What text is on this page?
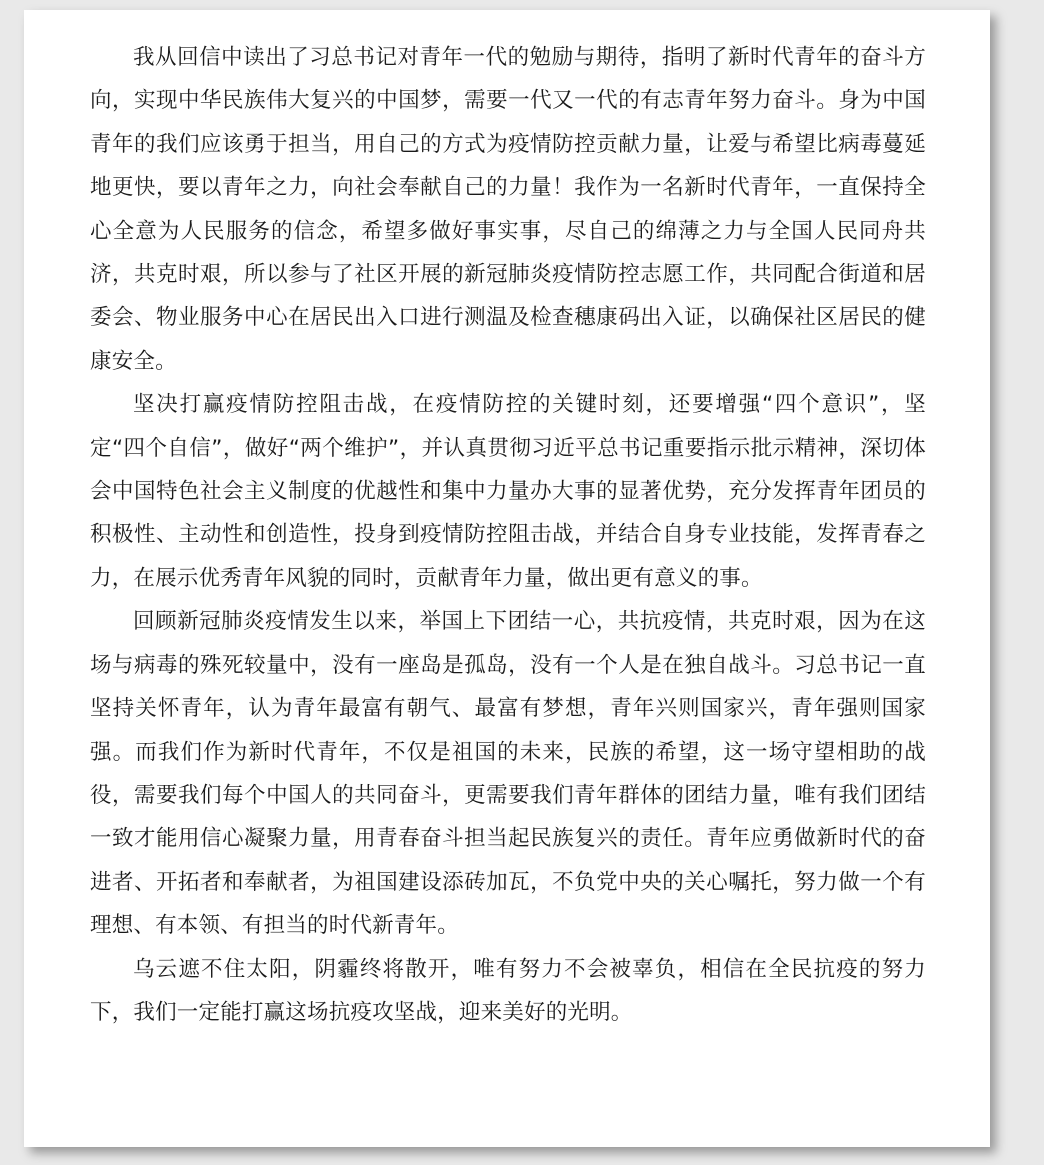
我从回信中读出了习总书记对青年一代的勉励与期待，指明了新时代青年的奋斗方向，实现中华民族伟大复兴的中国梦，需要一代又一代的有志青年努力奋斗。身为中国青年的我们应该勇于担当，用自己的方式为疫情防控贡献力量，让爱与希望比病毒蔓延地更快，要以青年之力，向社会奉献自己的力量！我作为一名新时代青年，一直保持全心全意为人民服务的信念，希望多做好事实事，尽自己的绵薄之力与全国人民同舟共济，共克时艰，所以参与了社区开展的新冠肺炎疫情防控志愿工作，共同配合街道和居委会、物业服务中心在居民出入口进行测温及检查穗康码出入证，以确保社区居民的健康安全。

坚决打赢疫情防控阻击战，在疫情防控的关键时刻，还要增强“四个意识”，坚定“四个自信”，做好“两个维护”，并认真贯彻习近平总书记重要指示批示精神，深切体会中国特色社会主义制度的优越性和集中力量办大事的显著优势，充分发挥青年团员的积极性、主动性和创造性，投身到疫情防控阻击战，并结合自身专业技能，发挥青春之力，在展示优秀青年风貌的同时，贡献青年力量，做出更有意义的事。

回顾新冠肺炎疫情发生以来，举国上下团结一心，共抗疫情，共克时艰，因为在这场与病毒的殊死较量中，没有一座岛是孤岛，没有一个人是在独自战斗。习总书记一直坚持关怀青年，认为青年最富有朝气、最富有梦想，青年兴则国家兴，青年强则国家强。而我们作为新时代青年，不仅是祖国的未来，民族的希望，这一场守望相助的战役，需要我们每个中国人的共同奋斗，更需要我们青年群体的团结力量，唯有我们团结一致才能用信心凝聚力量，用青春奋斗担当起民族复兴的责任。青年应勇做新时代的奋进者、开拓者和奉献者，为祖国建设添砖加瓦，不负党中央的关心嘱托，努力做一个有理想、有本领、有担当的时代新青年。

乌云遮不住太阳，阴霾终将散开，唯有努力不会被辜负，相信在全民抗疫的努力下，我们一定能打赢这场抗疫攻坚战，迎来美好的光明。
